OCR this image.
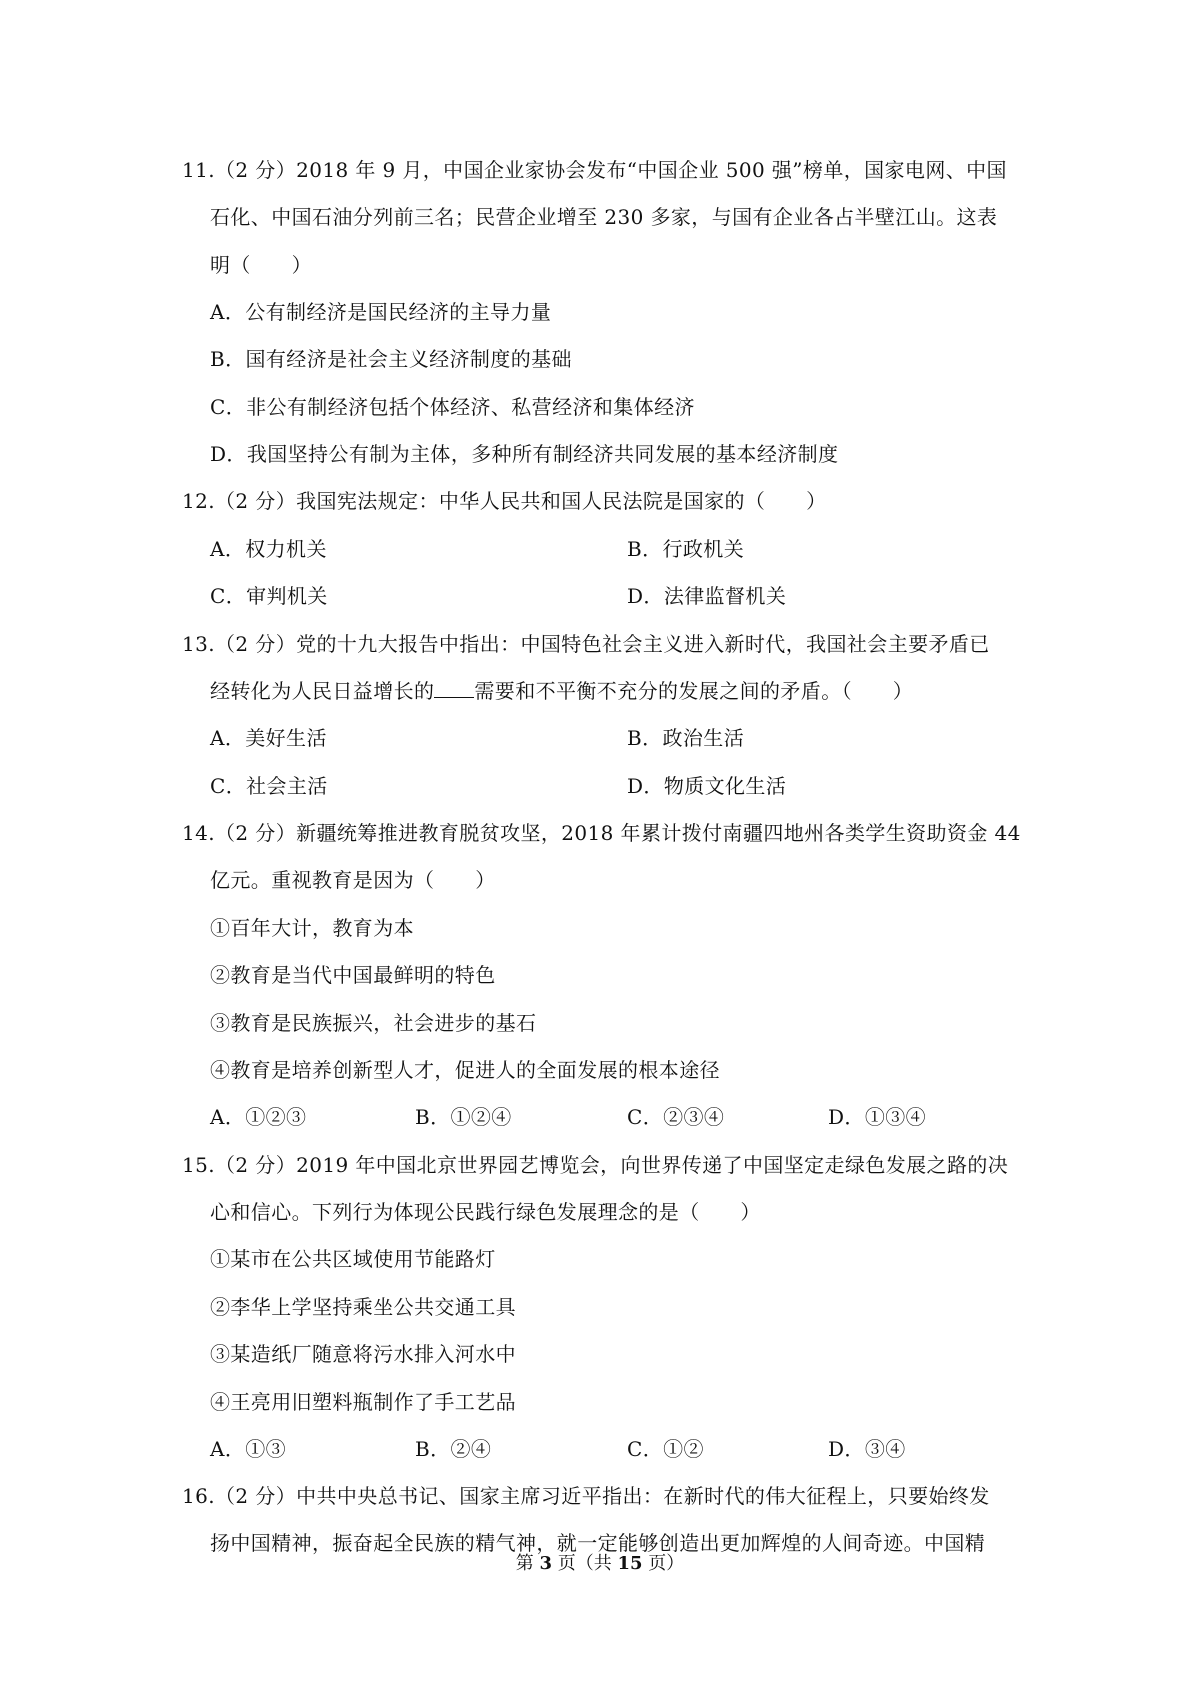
11.（2 分）2018 年 9 月，中国企业家协会发布“中国企业 500 强”榜单，国家电网、中国
石化、中国石油分列前三名；民营企业增至 230 多家，与国有企业各占半壁江山。这表
明（　　）
A．公有制经济是国民经济的主导力量
B．国有经济是社会主义经济制度的基础
C．非公有制经济包括个体经济、私营经济和集体经济
D．我国坚持公有制为主体，多种所有制经济共同发展的基本经济制度
12.（2 分）我国宪法规定：中华人民共和国人民法院是国家的（　　）
A．权力机关	B．行政机关
C．审判机关	D．法律监督机关
13.（2 分）党的十九大报告中指出：中国特色社会主义进入新时代，我国社会主要矛盾已
经转化为人民日益增长的 需要和不平衡不充分的发展之间的矛盾。（　　）
A．美好生活	B．政治生活
C．社会主活	D．物质文化生活
14.（2 分）新疆统筹推进教育脱贫攻坚，2018 年累计拨付南疆四地州各类学生资助资金 44
亿元。重视教育是因为（　　）
①百年大计，教育为本
②教育是当代中国最鲜明的特色
③教育是民族振兴，社会进步的基石
④教育是培养创新型人才，促进人的全面发展的根本途径
A．①②③	B．①②④	C．②③④	D．①③④
15.（2 分）2019 年中国北京世界园艺博览会，向世界传递了中国坚定走绿色发展之路的决
心和信心。下列行为体现公民践行绿色发展理念的是（　　）
①某市在公共区域使用节能路灯
②李华上学坚持乘坐公共交通工具
③某造纸厂随意将污水排入河水中
④王亮用旧塑料瓶制作了手工艺品
A．①③	B．②④	C．①②	D．③④
16.（2 分）中共中央总书记、国家主席习近平指出：在新时代的伟大征程上，只要始终发
扬中国精神，振奋起全民族的精气神，就一定能够创造出更加辉煌的人间奇迹。中国精
第 3 页（共 15 页）
